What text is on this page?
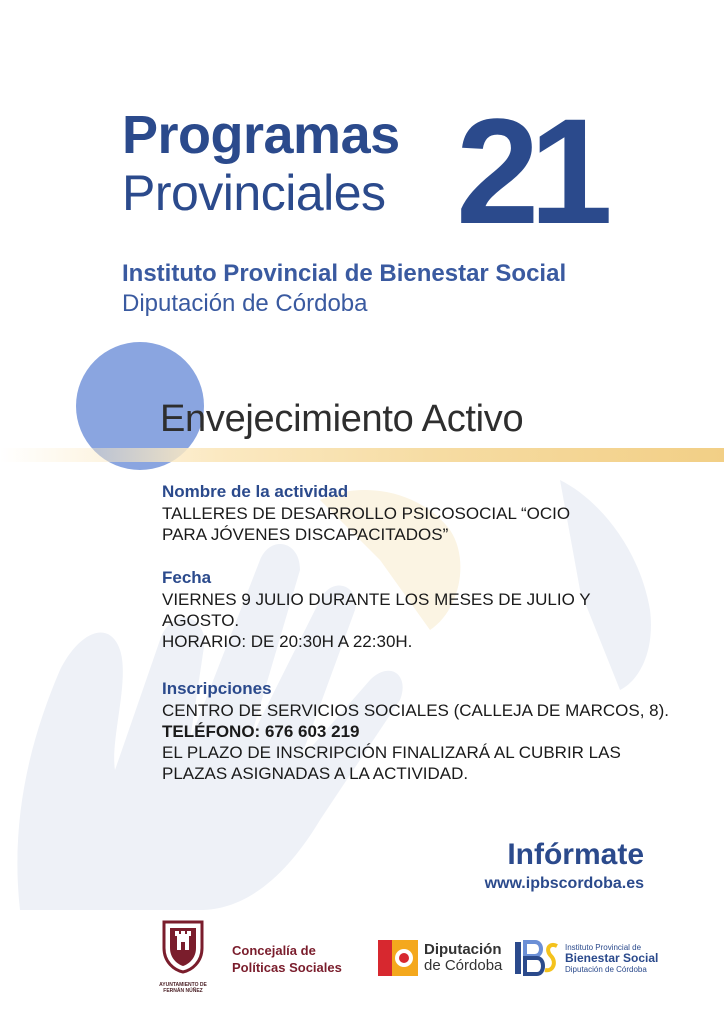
Programas
Provinciales 21
Instituto Provincial de Bienestar Social
Diputación de Córdoba
Envejecimiento Activo
Nombre de la actividad
TALLERES DE DESARROLLO PSICOSOCIAL “OCIO
PARA JÓVENES DISCAPACITADOS”
Fecha
VIERNES 9 JULIO DURANTE LOS MESES DE JULIO Y
AGOSTO.
HORARIO: DE 20:30H A 22:30H.
Inscripciones
CENTRO DE SERVICIOS SOCIALES (CALLEJA DE MARCOS, 8).
TELÉFONO: 676 603 219
EL PLAZO DE INSCRIPCIÓN FINALIZARÁ AL CUBRIR LAS
PLAZAS ASIGNADAS A LA ACTIVIDAD.
Infórmate
www.ipbscordoba.es
AYUNTAMIENTO DE
FERNÁN NÚÑEZ
Concejalía de
Políticas Sociales
Diputación
de Córdoba
Instituto Provincial de
Bienestar Social
Diputación de Córdoba
